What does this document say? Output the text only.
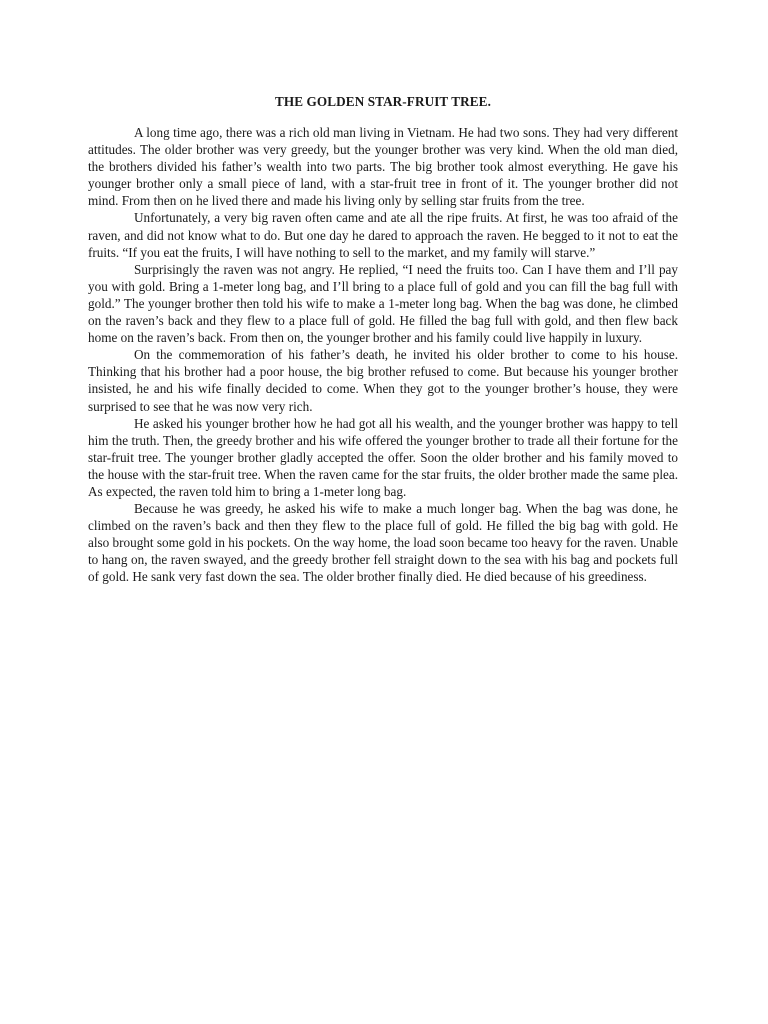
THE GOLDEN STAR-FRUIT TREE.

A long time ago, there was a rich old man living in Vietnam. He had two sons. They had very different attitudes. The older brother was very greedy, but the younger brother was very kind. When the old man died, the brothers divided his father’s wealth into two parts. The big brother took almost everything. He gave his younger brother only a small piece of land, with a star-fruit tree in front of it. The younger brother did not mind. From then on he lived there and made his living only by selling star fruits from the tree.

Unfortunately, a very big raven often came and ate all the ripe fruits. At first, he was too afraid of the raven, and did not know what to do. But one day he dared to approach the raven. He begged to it not to eat the fruits. “If you eat the fruits, I will have nothing to sell to the market, and my family will starve.”

Surprisingly the raven was not angry. He replied, “I need the fruits too. Can I have them and I’ll pay you with gold. Bring a 1-meter long bag, and I’ll bring to a place full of gold and you can fill the bag full with gold.” The younger brother then told his wife to make a 1-meter long bag. When the bag was done, he climbed on the raven’s back and they flew to a place full of gold. He filled the bag full with gold, and then flew back home on the raven’s back. From then on, the younger brother and his family could live happily in luxury.

On the commemoration of his father’s death, he invited his older brother to come to his house. Thinking that his brother had a poor house, the big brother refused to come. But because his younger brother insisted, he and his wife finally decided to come. When they got to the younger brother’s house, they were surprised to see that he was now very rich.

He asked his younger brother how he had got all his wealth, and the younger brother was happy to tell him the truth. Then, the greedy brother and his wife offered the younger brother to trade all their fortune for the star-fruit tree. The younger brother gladly accepted the offer. Soon the older brother and his family moved to the house with the star-fruit tree. When the raven came for the star fruits, the older brother made the same plea. As expected, the raven told him to bring a 1-meter long bag.

Because he was greedy, he asked his wife to make a much longer bag. When the bag was done, he climbed on the raven’s back and then they flew to the place full of gold. He filled the big bag with gold. He also brought some gold in his pockets. On the way home, the load soon became too heavy for the raven. Unable to hang on, the raven swayed, and the greedy brother fell straight down to the sea with his bag and pockets full of gold. He sank very fast down the sea. The older brother finally died. He died because of his greediness.
